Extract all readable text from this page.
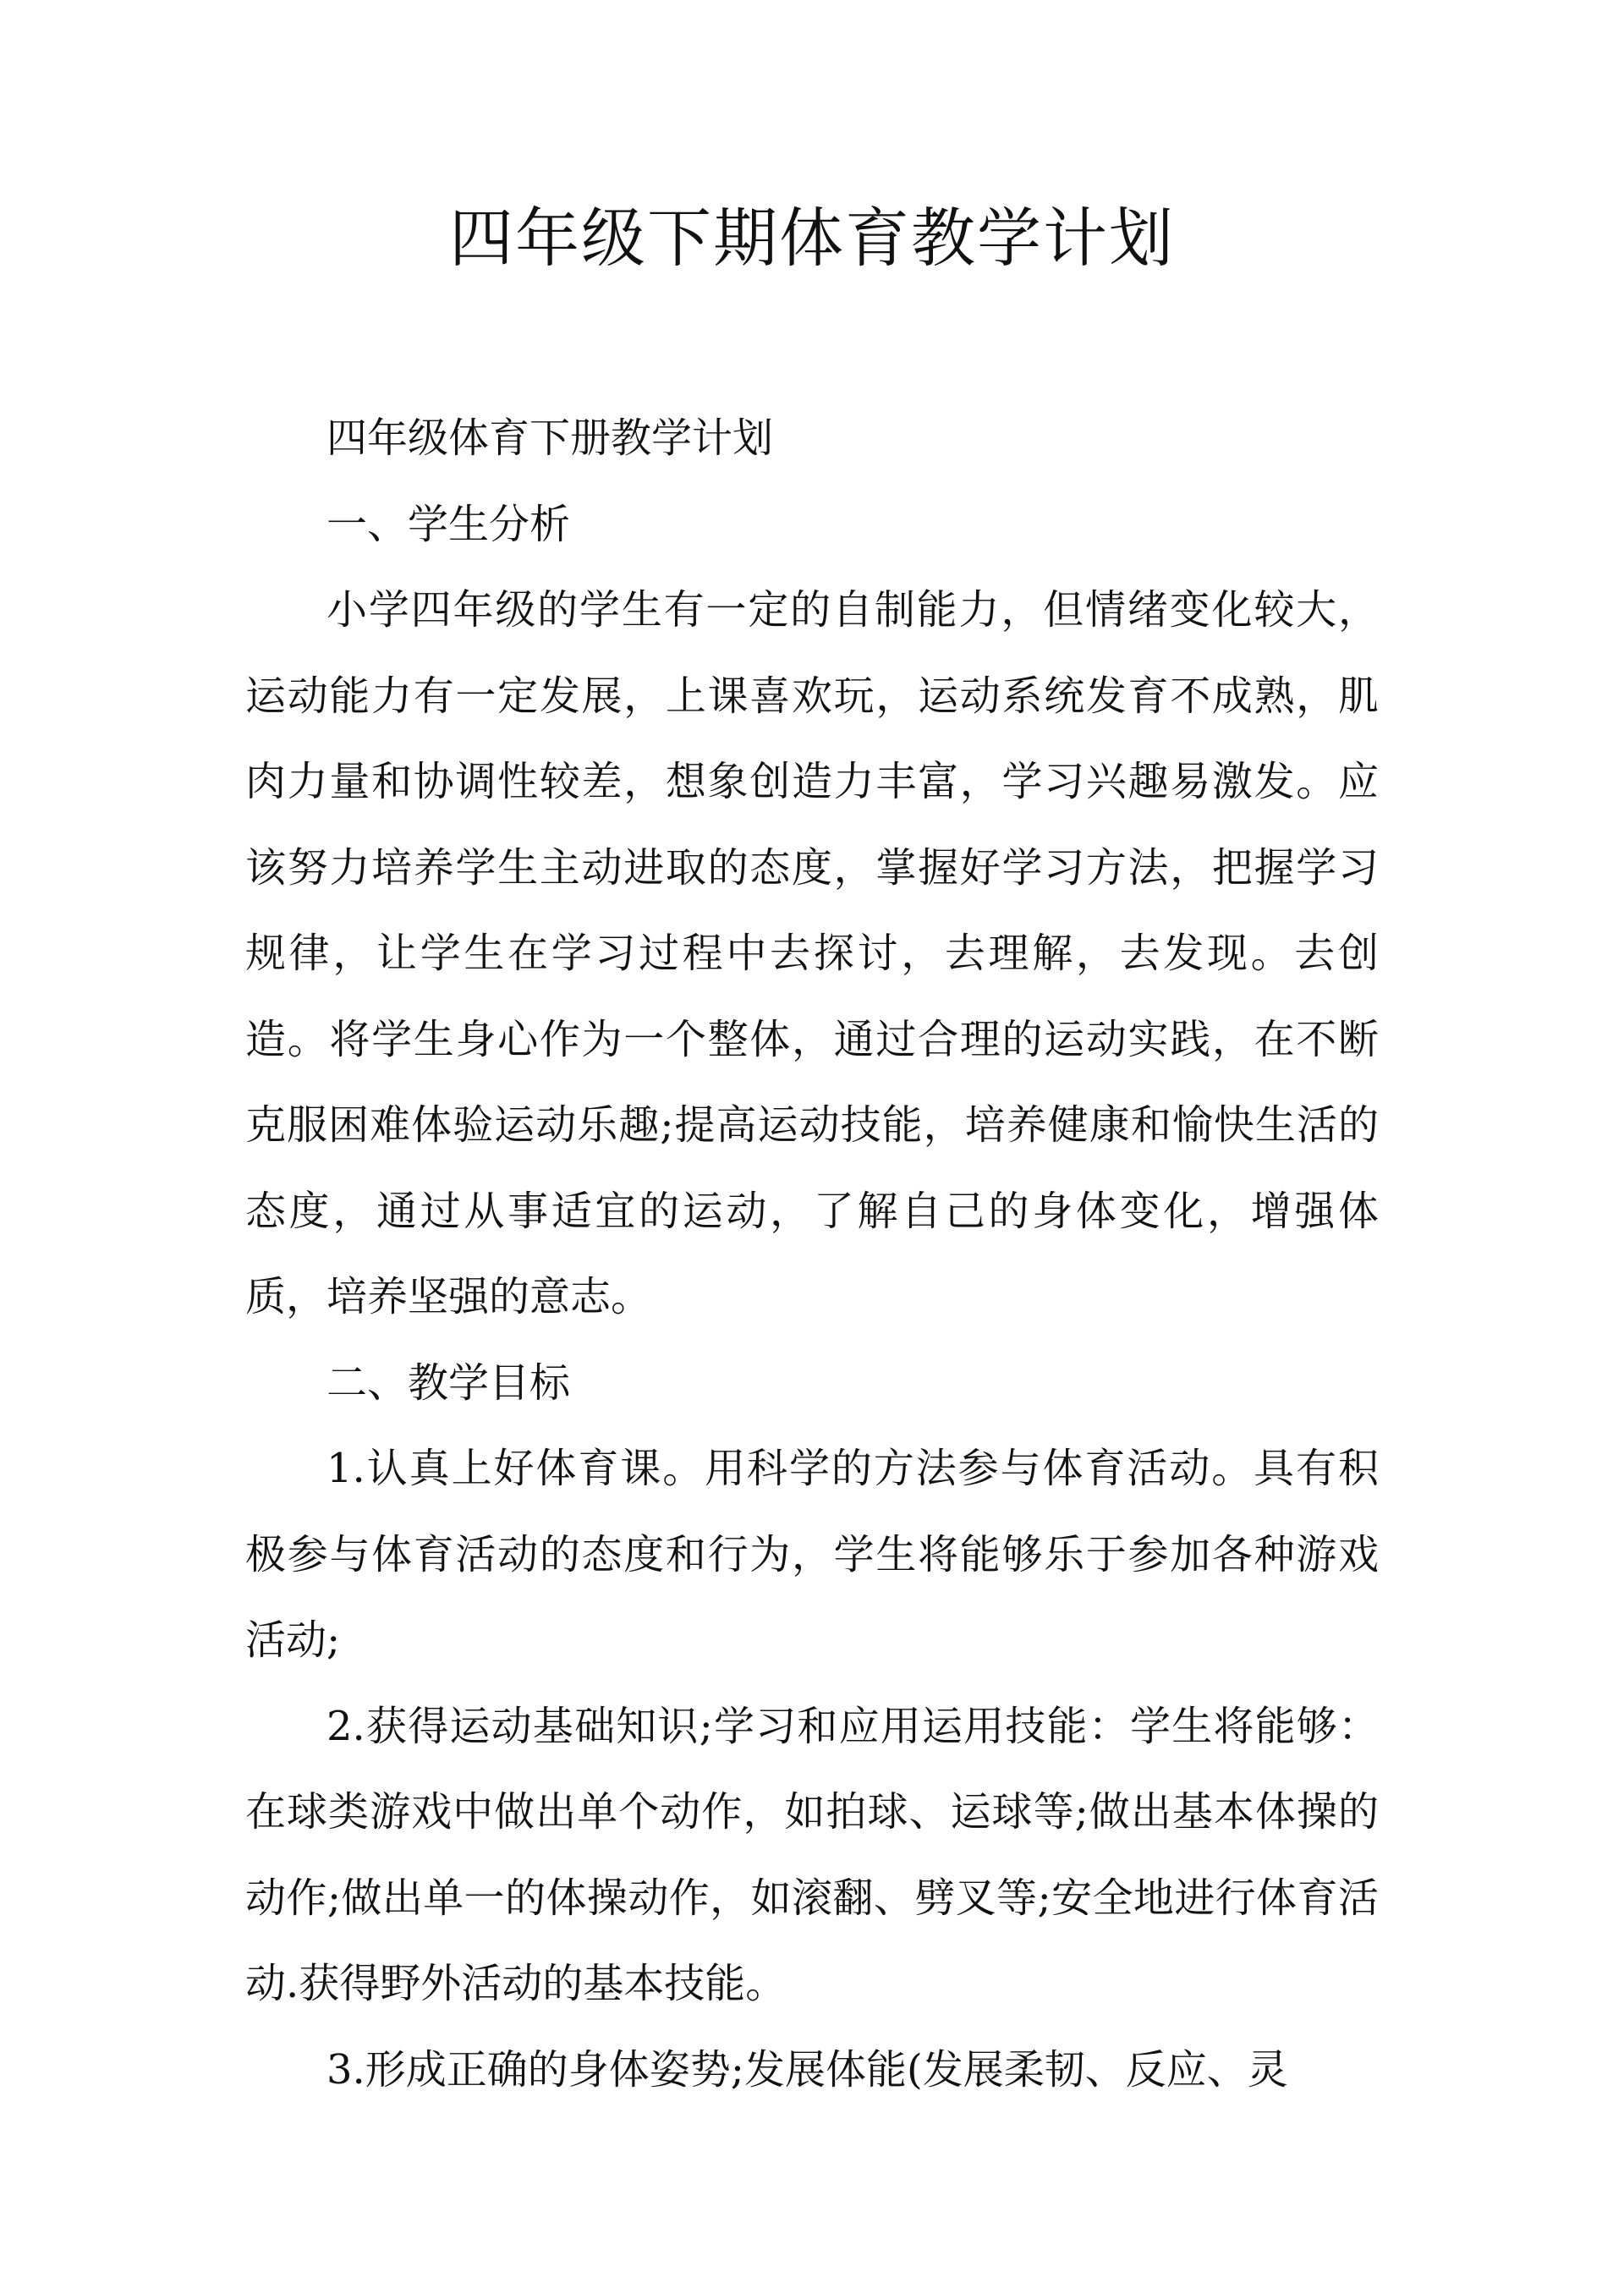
四年级下期体育教学计划

四年级体育下册教学计划

一、学生分析

小学四年级的学生有一定的自制能力，但情绪变化较大，运动能力有一定发展，上课喜欢玩，运动系统发育不成熟，肌肉力量和协调性较差，想象创造力丰富，学习兴趣易激发。应该努力培养学生主动进取的态度，掌握好学习方法，把握学习规律，让学生在学习过程中去探讨，去理解，去发现。去创造。将学生身心作为一个整体，通过合理的运动实践，在不断克服困难体验运动乐趣;提高运动技能，培养健康和愉快生活的态度，通过从事适宜的运动，了解自己的身体变化，增强体质，培养坚强的意志。

二、教学目标

1.认真上好体育课。用科学的方法参与体育活动。具有积极参与体育活动的态度和行为，学生将能够乐于参加各种游戏活动;

2.获得运动基础知识;学习和应用运用技能：学生将能够：在球类游戏中做出单个动作，如拍球、运球等;做出基本体操的动作;做出单一的体操动作，如滚翻、劈叉等;安全地进行体育活动.获得野外活动的基本技能。

3.形成正确的身体姿势;发展体能(发展柔韧、反应、灵
